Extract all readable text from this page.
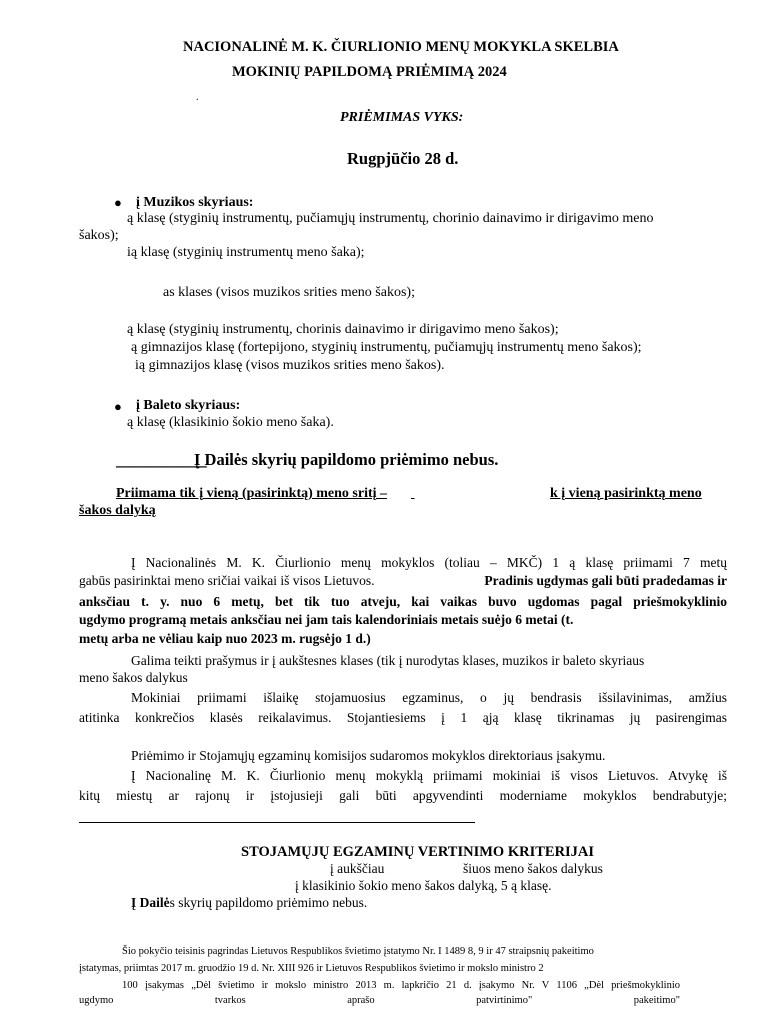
NACIONALINĖ M. K. ČIURLIONIO MENŲ MOKYKLA SKELBIA
MOKINIŲ PAPILDOMĄ PRIĖMIMĄ 2024
.
PRIĖMIMAS VYKS:
Rugpjūčio 28 d.
● į Muzikos skyriaus:
ą klasę (styginių instrumentų, pučiamųjų instrumentų, chorinio dainavimo ir dirigavimo meno
šakos);
ią klasę (styginių instrumentų meno šaka);
as klases (visos muzikos srities meno šakos);
ą klasę (styginių instrumentų, chorinis dainavimo ir dirigavimo meno šakos);
ą gimnazijos klasę (fortepijono, styginių instrumentų, pučiamųjų instrumentų meno šakos);
ią gimnazijos klasę (visos muzikos srities meno šakos).
● į Baleto skyriaus:
ą klasę (klasikinio šokio meno šaka).
___________
Į Dailės skyrių papildomo priėmimo nebus.
Priimama tik į vieną (pasirinktą) meno sritį –
	k į vieną pasirinktą meno
šakos dalyką
Į Nacionalinės M. K. Čiurlionio menų mokyklos (toliau – MKČ) 1 ą klasę priimami 7 metų
gabūs pasirinktai meno sričiai vaikai iš visos Lietuvos.	Pradinis ugdymas gali būti pradedamas ir
anksčiau t. y. nuo 6 metų, bet tik tuo atveju, kai vaikas buvo ugdomas pagal priešmokyklinio
ugdymo programą metais anksčiau nei jam tais kalendoriniais metais suėjo 6 metai (t.
metų arba ne vėliau kaip nuo 2023 m. rugsėjo 1 d.)
Galima teikti prašymus ir į aukštesnes klases (tik į nurodytas klases, muzikos ir baleto skyriaus
meno šakos dalykus
Mokiniai priimami išlaikę stojamuosius egzaminus, o jų bendrasis išsilavinimas, amžius
atitinka konkrečios klasės reikalavimus. Stojantiesiems į 1 ąją klasę tikrinamas jų pasirengimas
Priėmimo ir Stojamųjų egzaminų komisijos sudaromos mokyklos direktoriaus įsakymu.
Į Nacionalinę M. K. Čiurlionio menų mokyklą priimami mokiniai iš visos Lietuvos. Atvykę iš
kitų miestų ar rajonų ir įstojusieji gali būti apgyvendinti moderniame mokyklos bendrabutyje;
STOJAMŲJŲ EGZAMINŲ VERTINIMO KRITERIJAI
į aukščiau	šiuos meno šakos dalykus
į klasikinio šokio meno šakos dalyką, 5 ą klasę.
Į Dailės skyrių papildomo priėmimo nebus.
Šio pokyčio teisinis pagrindas Lietuvos Respublikos švietimo įstatymo Nr. I 1489 8, 9 ir 47 straipsnių pakeitimo
įstatymas, priimtas 2017 m. gruodžio 19 d. Nr. XIII 926 ir Lietuvos Respublikos švietimo ir mokslo ministro 2
100 įsakymas „Dėl švietimo ir mokslo ministro 2013 m. lapkričio 21 d. įsakymo Nr. V 1106 „Dėl priešmokyklinio
ugdymo tvarkos aprašo patvirtinimo" pakeitimo"
